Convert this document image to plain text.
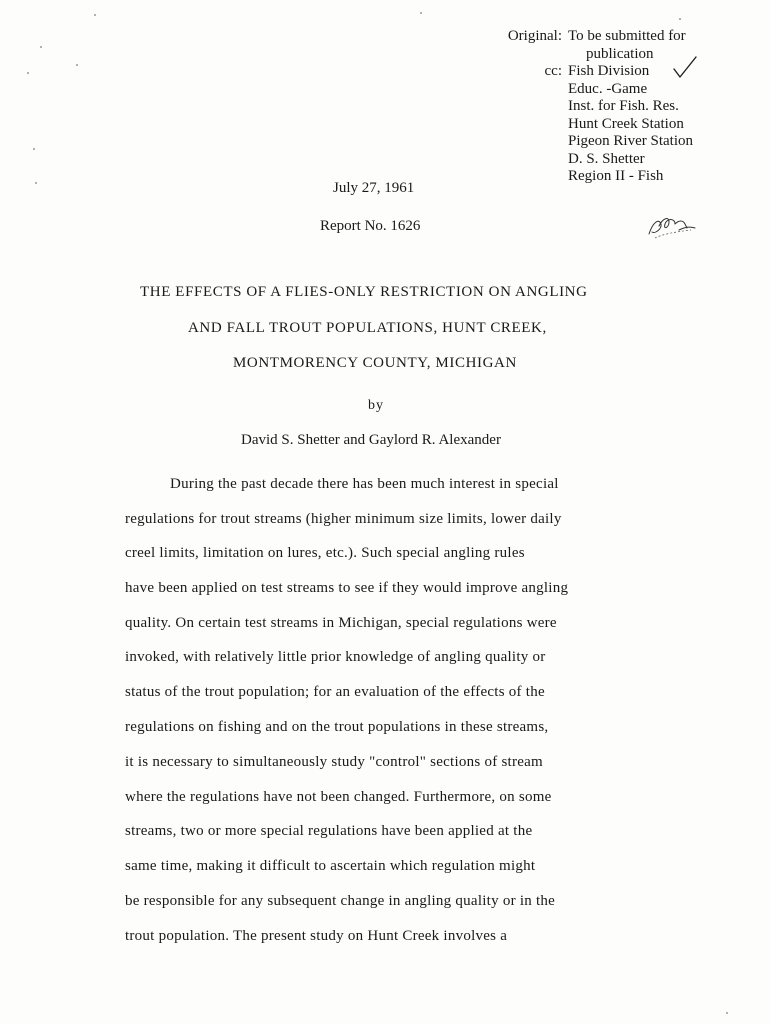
Original: To be submitted for
publication
cc: Fish Division
Educ. -Game
Inst. for Fish. Res.
Hunt Creek Station
Pigeon River Station
D. S. Shetter
Region II - Fish
July 27, 1961
Report No. 1626
THE EFFECTS OF A FLIES-ONLY RESTRICTION ON ANGLING
AND FALL TROUT POPULATIONS, HUNT CREEK,
MONTMORENCY COUNTY, MICHIGAN
by
David S. Shetter and Gaylord R. Alexander
During the past decade there has been much interest in special
regulations for trout streams (higher minimum size limits, lower daily
creel limits, limitation on lures, etc.). Such special angling rules
have been applied on test streams to see if they would improve angling
quality. On certain test streams in Michigan, special regulations were
invoked, with relatively little prior knowledge of angling quality or
status of the trout population; for an evaluation of the effects of the
regulations on fishing and on the trout populations in these streams,
it is necessary to simultaneously study "control" sections of stream
where the regulations have not been changed. Furthermore, on some
streams, two or more special regulations have been applied at the
same time, making it difficult to ascertain which regulation might
be responsible for any subsequent change in angling quality or in the
trout population. The present study on Hunt Creek involves a
